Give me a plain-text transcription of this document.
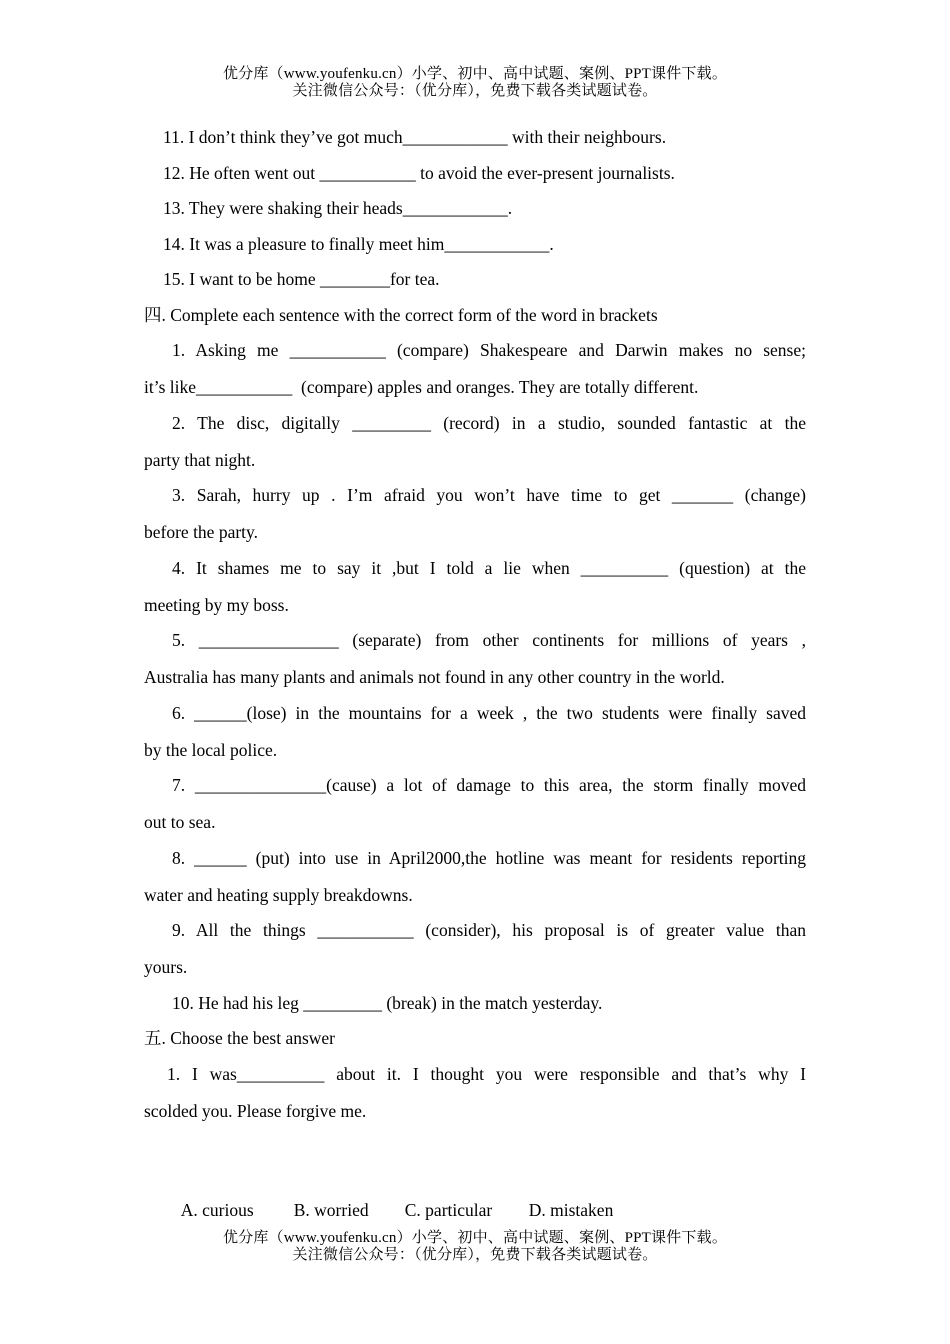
优分库（www.youfenku.cn）小学、初中、高中试题、案例、PPT课件下载。
关注微信公众号：（优分库），免费下载各类试题试卷。
11. I don’t think they’ve got much____________ with their neighbours.
12. He often went out ___________ to avoid the ever-present journalists.
13. They were shaking their heads____________.
14. It was a pleasure to finally meet him____________.
15. I want to be home ________for tea.
四. Complete each sentence with the correct form of the word in brackets
1. Asking me ___________ (compare) Shakespeare and Darwin makes no sense;
it’s like___________  (compare) apples and oranges. They are totally different.
2. The disc, digitally _________ (record) in a studio, sounded fantastic at the
party that night.
3. Sarah, hurry up . I’m afraid you won’t have time to get _______ (change)
before the party.
4. It shames me to say it ,but I told a lie when __________ (question) at the
meeting by my boss.
5. ________________ (separate) from other continents for millions of years ,
Australia has many plants and animals not found in any other country in the world.
6. ______(lose) in the mountains for a week , the two students were finally saved
by the local police.
7. _______________(cause) a lot of damage to this area, the storm finally moved
out to sea.
8. ______ (put) into use in April2000,the hotline was meant for residents reporting
water and heating supply breakdowns.
9. All the things ___________ (consider), his proposal is of greater value than
yours.
10. He had his leg _________ (break) in the match yesterday.
五. Choose the best answer
1. I was__________ about it. I thought you were responsible and that’s why I
scolded you. Please forgive me.

A. curious B. worried C. particular D. mistaken

优分库（www.youfenku.cn）小学、初中、高中试题、案例、PPT课件下载。
关注微信公众号：（优分库），免费下载各类试题试卷。
